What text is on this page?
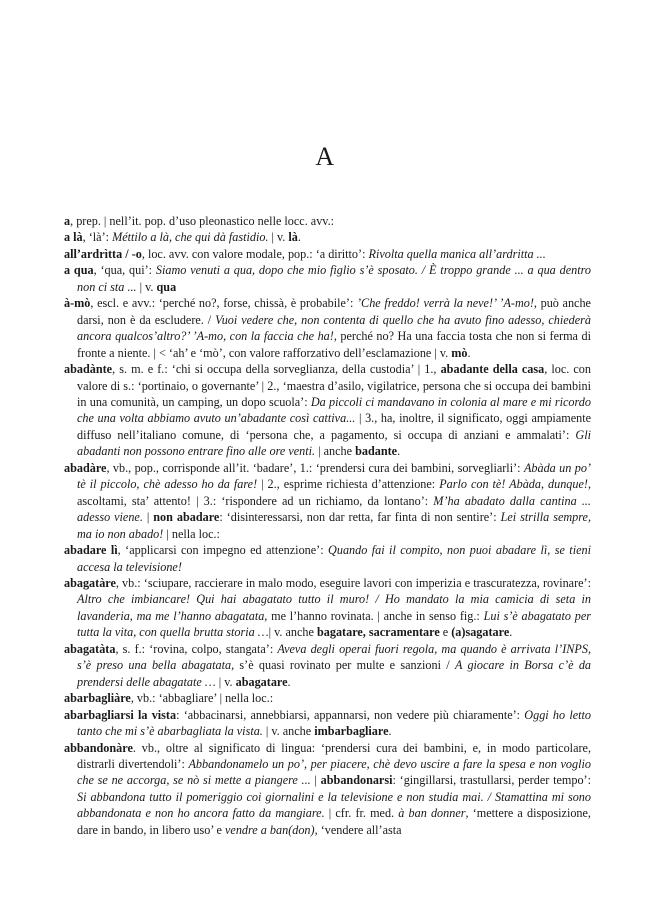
A

a, prep. | nell’it. pop. d’uso pleonastico nelle locc. avv.:

a là, ‘là’: Méttilo a là, che qui dà fastidio. | v. là.

all’ardrìtta / -o, loc. avv. con valore modale, pop.: ‘a diritto’: Rivolta quella manica all’ardritta ...

a qua, ‘qua, qui’: Siamo venuti a qua, dopo che mio figlio s’è sposato. / È troppo grande ... a qua dentro non ci sta ... | v. qua

à-mò, escl. e avv.: ‘perché no?, forse, chissà, è probabile’: ’Che freddo! verrà la neve!’ ’A-mo!, può anche darsi, non è da escludere. / Vuoi vedere che, non contenta di quello che ha avuto fino adesso, chiederà ancora qualcos’altro?’ ’A-mo, con la faccia che ha!, perché no? Ha una faccia tosta che non si ferma di fronte a niente. | < ‘ah’ e ‘mò’, con valore rafforzativo dell’esclamazione | v. mò.

abadànte, s. m. e f.: ‘chi si occupa della sorveglianza, della custodia’ | 1., abadante della casa, loc. con valore di s.: ‘portinaio, o governante’ | 2., ‘maestra d’asilo, vigilatrice, persona che si occupa dei bambini in una comunità, un camping, un dopo scuola’: Da piccoli ci mandavano in colonia al mare e mi ricordo che una volta abbiamo avuto un’abadante così cattiva... | 3., ha, inoltre, il significato, oggi ampiamente diffuso nell’italiano comune, di ‘persona che, a pagamento, si occupa di anziani e ammalati’: Gli abadanti non possono entrare fino alle ore venti. | anche badante.

abadàre, vb., pop., corrisponde all’it. ‘badare’, 1.: ‘prendersi cura dei bambini, sorvegliarli’: Abàda un po’ tè il piccolo, chè adesso ho da fare! | 2., esprime richiesta d’attenzione: Parlo con tè! Abàda, dunque!, ascoltami, sta’ attento! | 3.: ‘rispondere ad un richiamo, da lontano’: M’ha abadato dalla cantina ... adesso viene. | non abadare: ‘disinteressarsi, non dar retta, far finta di non sentire’: Lei strilla sempre, ma io non abado! | nella loc.:

abadare lì, ‘applicarsi con impegno ed attenzione’: Quando fai il compito, non puoi abadare lì, se tieni accesa la televisione!

abagatàre, vb.: ‘sciupare, raccierare in malo modo, eseguire lavori con imperizia e trascuratezza, rovinare’: Altro che imbiancare! Qui hai abagatato tutto il muro! / Ho mandato la mia camicia di seta in lavanderia, ma me l’hanno abagatata, me l’hanno rovinata. | anche in senso fig.: Lui s’è abagatato per tutta la vita, con quella brutta storia …| v. anche bagatare, sacramentare e (a)sagatare.

abagatàta, s. f.: ‘rovina, colpo, stangata’: Aveva degli operai fuori regola, ma quando è arrivata l’INPS, s’è preso una bella abagatata, s’è quasi rovinato per multe e sanzioni / A giocare in Borsa c’è da prendersi delle abagatate … | v. abagatare.

abarbagliàre, vb.: ‘abbagliare’ | nella loc.:

abarbagliarsi la vista: ‘abbacinarsi, annebbiarsi, appannarsi, non vedere più chiaramente’: Oggi ho letto tanto che mi s’è abarbagliata la vista. | v. anche imbarbagliare.

abbandonàre. vb., oltre al significato di lingua: ‘prendersi cura dei bambini, e, in modo particolare, distrarli divertendoli’: Abbandonamelo un po’, per piacere, chè devo uscire a fare la spesa e non voglio che se ne accorga, se nò si mette a piangere ... | abbandonarsi: ‘gingillarsi, trastullarsi, perder tempo’: Si abbandona tutto il pomeriggio coi giornalini e la televisione e non studia mai. / Stamattina mi sono abbandonata e non ho ancora fatto da mangiare. | cfr. fr. med. à ban donner, ‘mettere a disposizione, dare in bando, in libero uso’ e vendre a ban(don), ‘vendere all’asta
